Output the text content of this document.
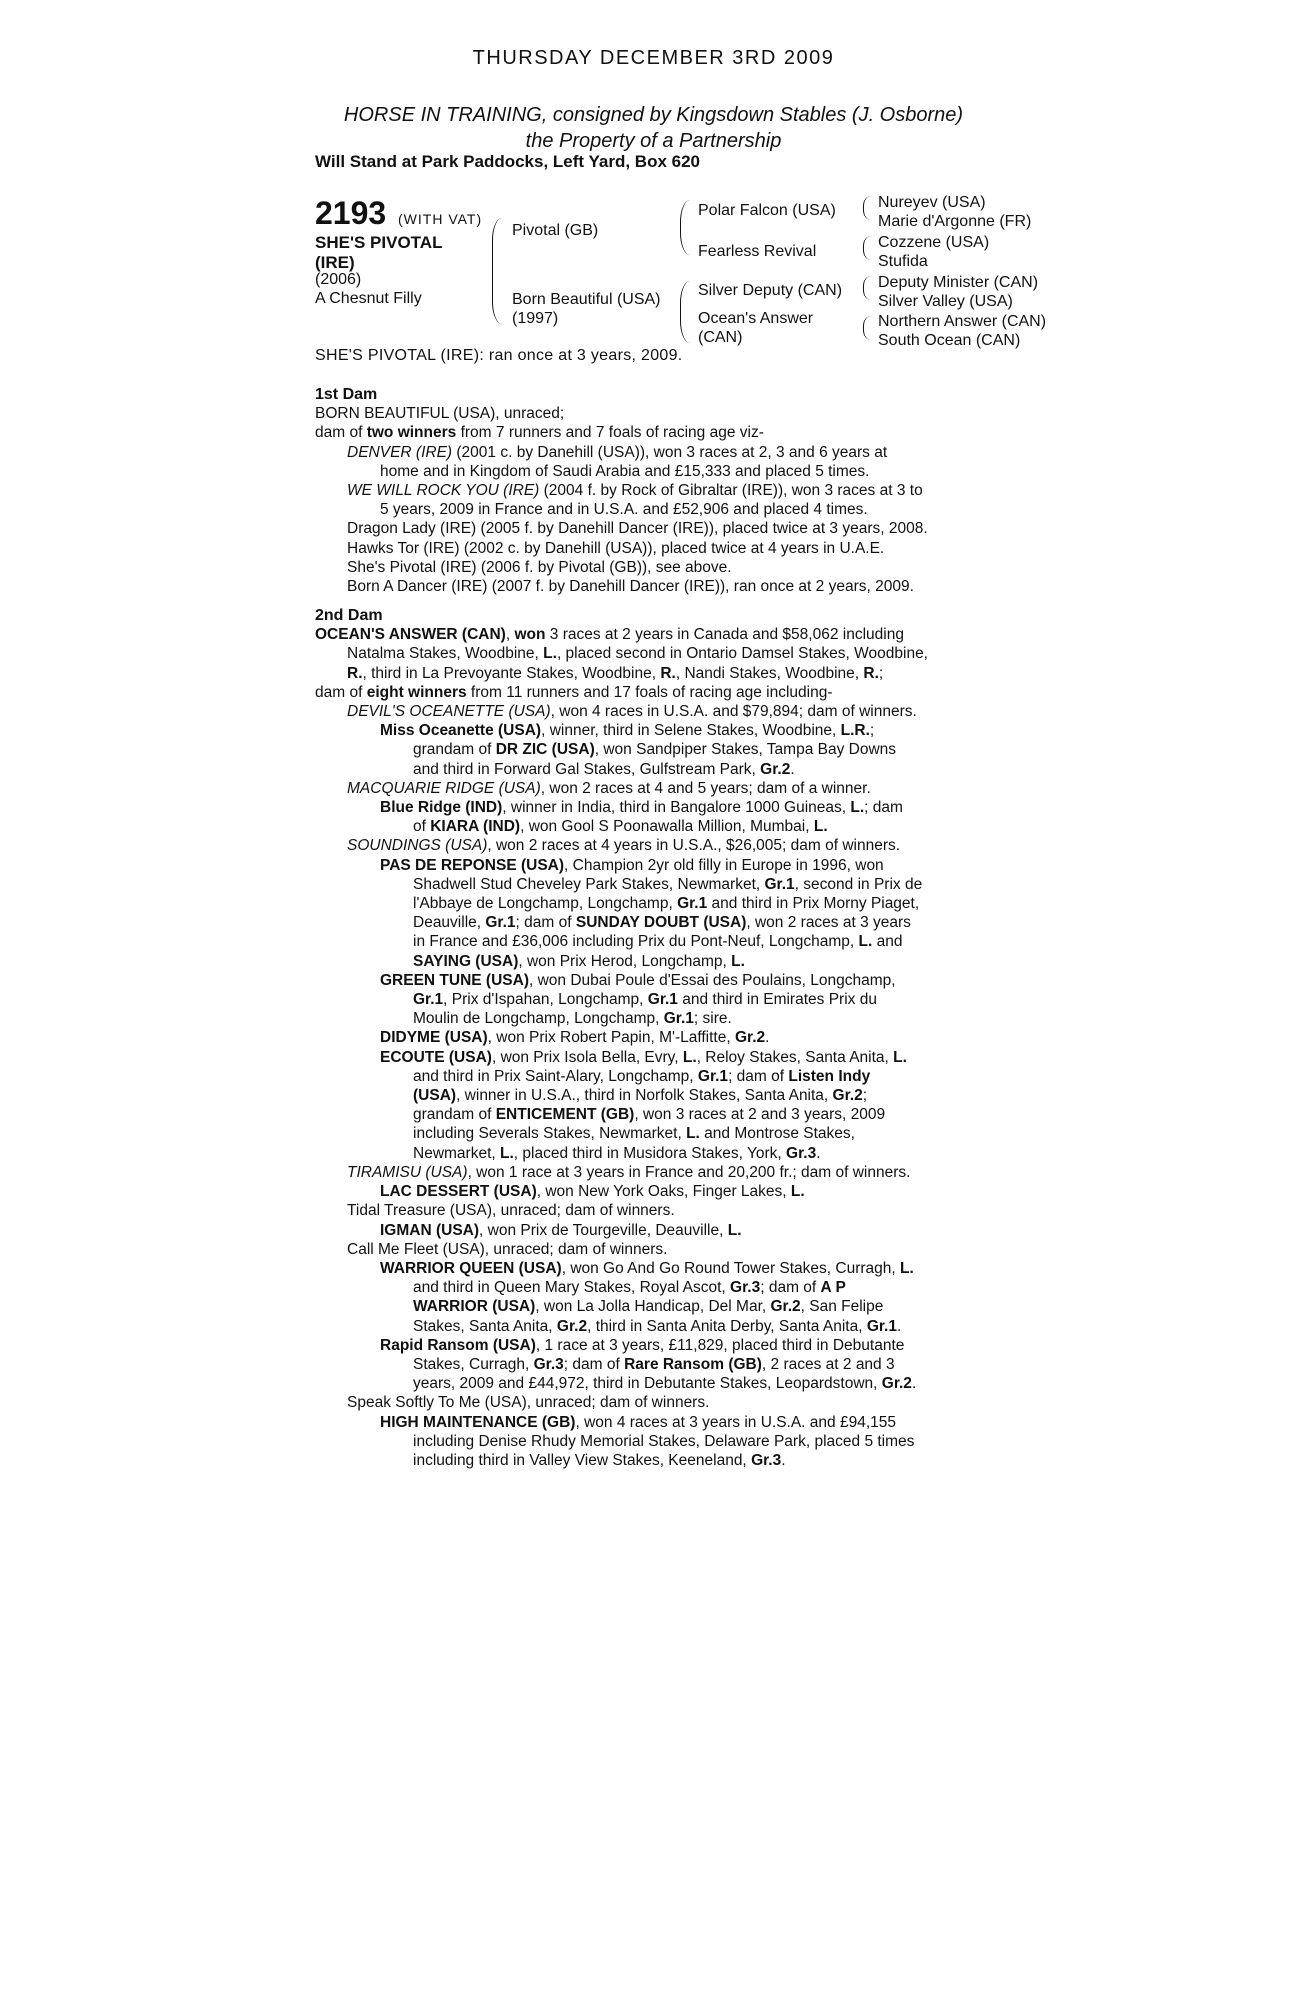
THURSDAY DECEMBER 3RD 2009
HORSE IN TRAINING, consigned by Kingsdown Stables (J. Osborne)
the Property of a Partnership
Will Stand at Park Paddocks, Left Yard, Box 620
2193 (WITH VAT)
SHE'S PIVOTAL
(IRE)
(2006)
A Chesnut Filly
Pivotal (GB)
Born Beautiful (USA)
(1997)
Polar Falcon (USA)
Fearless Revival
Silver Deputy (CAN)
Ocean's Answer
(CAN)
Nureyev (USA)
Marie d'Argonne (FR)
Cozzene (USA)
Stufida
Deputy Minister (CAN)
Silver Valley (USA)
Northern Answer (CAN)
South Ocean (CAN)
SHE'S PIVOTAL (IRE): ran once at 3 years, 2009.
1st Dam
BORN BEAUTIFUL (USA), unraced;
dam of two winners from 7 runners and 7 foals of racing age viz-
DENVER (IRE) (2001 c. by Danehill (USA)), won 3 races at 2, 3 and 6 years at
home and in Kingdom of Saudi Arabia and £15,333 and placed 5 times.
WE WILL ROCK YOU (IRE) (2004 f. by Rock of Gibraltar (IRE)), won 3 races at 3 to
5 years, 2009 in France and in U.S.A. and £52,906 and placed 4 times.
Dragon Lady (IRE) (2005 f. by Danehill Dancer (IRE)), placed twice at 3 years, 2008.
Hawks Tor (IRE) (2002 c. by Danehill (USA)), placed twice at 4 years in U.A.E.
She's Pivotal (IRE) (2006 f. by Pivotal (GB)), see above.
Born A Dancer (IRE) (2007 f. by Danehill Dancer (IRE)), ran once at 2 years, 2009.
2nd Dam
OCEAN'S ANSWER (CAN), won 3 races at 2 years in Canada and $58,062 including
Natalma Stakes, Woodbine, L., placed second in Ontario Damsel Stakes, Woodbine,
R., third in La Prevoyante Stakes, Woodbine, R., Nandi Stakes, Woodbine, R.;
dam of eight winners from 11 runners and 17 foals of racing age including-
DEVIL'S OCEANETTE (USA), won 4 races in U.S.A. and $79,894; dam of winners.
Miss Oceanette (USA), winner, third in Selene Stakes, Woodbine, L.R.;
grandam of DR ZIC (USA), won Sandpiper Stakes, Tampa Bay Downs
and third in Forward Gal Stakes, Gulfstream Park, Gr.2.
MACQUARIE RIDGE (USA), won 2 races at 4 and 5 years; dam of a winner.
Blue Ridge (IND), winner in India, third in Bangalore 1000 Guineas, L.; dam
of KIARA (IND), won Gool S Poonawalla Million, Mumbai, L.
SOUNDINGS (USA), won 2 races at 4 years in U.S.A., $26,005; dam of winners.
PAS DE REPONSE (USA), Champion 2yr old filly in Europe in 1996, won
Shadwell Stud Cheveley Park Stakes, Newmarket, Gr.1, second in Prix de
l'Abbaye de Longchamp, Longchamp, Gr.1 and third in Prix Morny Piaget,
Deauville, Gr.1; dam of SUNDAY DOUBT (USA), won 2 races at 3 years
in France and £36,006 including Prix du Pont-Neuf, Longchamp, L. and
SAYING (USA), won Prix Herod, Longchamp, L.
GREEN TUNE (USA), won Dubai Poule d'Essai des Poulains, Longchamp,
Gr.1, Prix d'Ispahan, Longchamp, Gr.1 and third in Emirates Prix du
Moulin de Longchamp, Longchamp, Gr.1; sire.
DIDYME (USA), won Prix Robert Papin, M'-Laffitte, Gr.2.
ECOUTE (USA), won Prix Isola Bella, Evry, L., Reloy Stakes, Santa Anita, L.
and third in Prix Saint-Alary, Longchamp, Gr.1; dam of Listen Indy
(USA), winner in U.S.A., third in Norfolk Stakes, Santa Anita, Gr.2;
grandam of ENTICEMENT (GB), won 3 races at 2 and 3 years, 2009
including Severals Stakes, Newmarket, L. and Montrose Stakes,
Newmarket, L., placed third in Musidora Stakes, York, Gr.3.
TIRAMISU (USA), won 1 race at 3 years in France and 20,200 fr.; dam of winners.
LAC DESSERT (USA), won New York Oaks, Finger Lakes, L.
Tidal Treasure (USA), unraced; dam of winners.
IGMAN (USA), won Prix de Tourgeville, Deauville, L.
Call Me Fleet (USA), unraced; dam of winners.
WARRIOR QUEEN (USA), won Go And Go Round Tower Stakes, Curragh, L.
and third in Queen Mary Stakes, Royal Ascot, Gr.3; dam of A P
WARRIOR (USA), won La Jolla Handicap, Del Mar, Gr.2, San Felipe
Stakes, Santa Anita, Gr.2, third in Santa Anita Derby, Santa Anita, Gr.1.
Rapid Ransom (USA), 1 race at 3 years, £11,829, placed third in Debutante
Stakes, Curragh, Gr.3; dam of Rare Ransom (GB), 2 races at 2 and 3
years, 2009 and £44,972, third in Debutante Stakes, Leopardstown, Gr.2.
Speak Softly To Me (USA), unraced; dam of winners.
HIGH MAINTENANCE (GB), won 4 races at 3 years in U.S.A. and £94,155
including Denise Rhudy Memorial Stakes, Delaware Park, placed 5 times
including third in Valley View Stakes, Keeneland, Gr.3.
